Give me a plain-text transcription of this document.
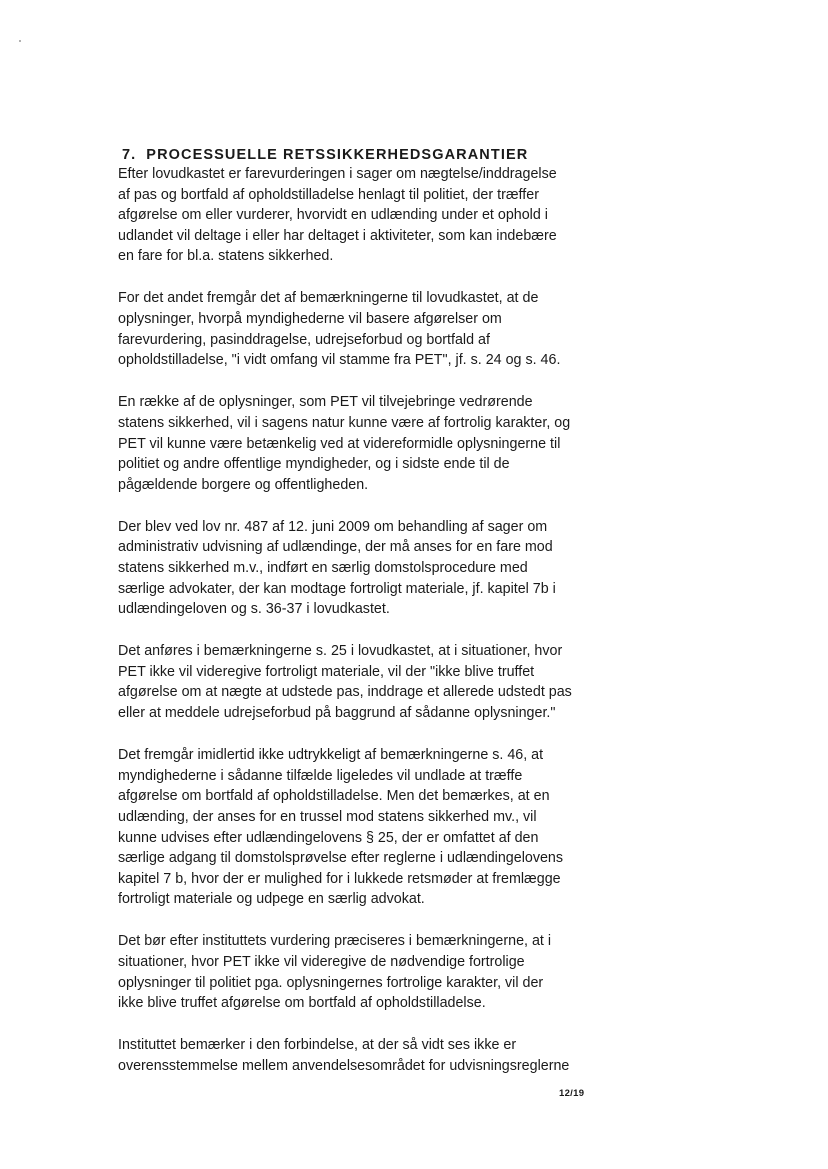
7. PROCESSUELLE RETSSIKKERHEDSGARANTIER

Efter lovudkastet er farevurderingen i sager om nægtelse/inddragelse
af pas og bortfald af opholdstilladelse henlagt til politiet, der træffer
afgørelse om eller vurderer, hvorvidt en udlænding under et ophold i
udlandet vil deltage i eller har deltaget i aktiviteter, som kan indebære
en fare for bl.a. statens sikkerhed.

For det andet fremgår det af bemærkningerne til lovudkastet, at de
oplysninger, hvorpå myndighederne vil basere afgørelser om
farevurdering, pasinddragelse, udrejseforbud og bortfald af
opholdstilladelse, "i vidt omfang vil stamme fra PET", jf. s. 24 og s. 46.

En række af de oplysninger, som PET vil tilvejebringe vedrørende
statens sikkerhed, vil i sagens natur kunne være af fortrolig karakter, og
PET vil kunne være betænkelig ved at videreformidle oplysningerne til
politiet og andre offentlige myndigheder, og i sidste ende til de
pågældende borgere og offentligheden.

Der blev ved lov nr. 487 af 12. juni 2009 om behandling af sager om
administrativ udvisning af udlændinge, der må anses for en fare mod
statens sikkerhed m.v., indført en særlig domstolsprocedure med
særlige advokater, der kan modtage fortroligt materiale, jf. kapitel 7b i
udlændingeloven og s. 36-37 i lovudkastet.

Det anføres i bemærkningerne s. 25 i lovudkastet, at i situationer, hvor
PET ikke vil videregive fortroligt materiale, vil der "ikke blive truffet
afgørelse om at nægte at udstede pas, inddrage et allerede udstedt pas
eller at meddele udrejseforbud på baggrund af sådanne oplysninger."

Det fremgår imidlertid ikke udtrykkeligt af bemærkningerne s. 46, at
myndighederne i sådanne tilfælde ligeledes vil undlade at træffe
afgørelse om bortfald af opholdstilladelse. Men det bemærkes, at en
udlænding, der anses for en trussel mod statens sikkerhed mv., vil
kunne udvises efter udlændingelovens § 25, der er omfattet af den
særlige adgang til domstolsprøvelse efter reglerne i udlændingelovens
kapitel 7 b, hvor der er mulighed for i lukkede retsmøder at fremlægge
fortroligt materiale og udpege en særlig advokat.

Det bør efter instituttets vurdering præciseres i bemærkningerne, at i
situationer, hvor PET ikke vil videregive de nødvendige fortrolige
oplysninger til politiet pga. oplysningernes fortrolige karakter, vil der
ikke blive truffet afgørelse om bortfald af opholdstilladelse.

Instituttet bemærker i den forbindelse, at der så vidt ses ikke er
overensstemmelse mellem anvendelsesområdet for udvisningsreglerne

12/19
